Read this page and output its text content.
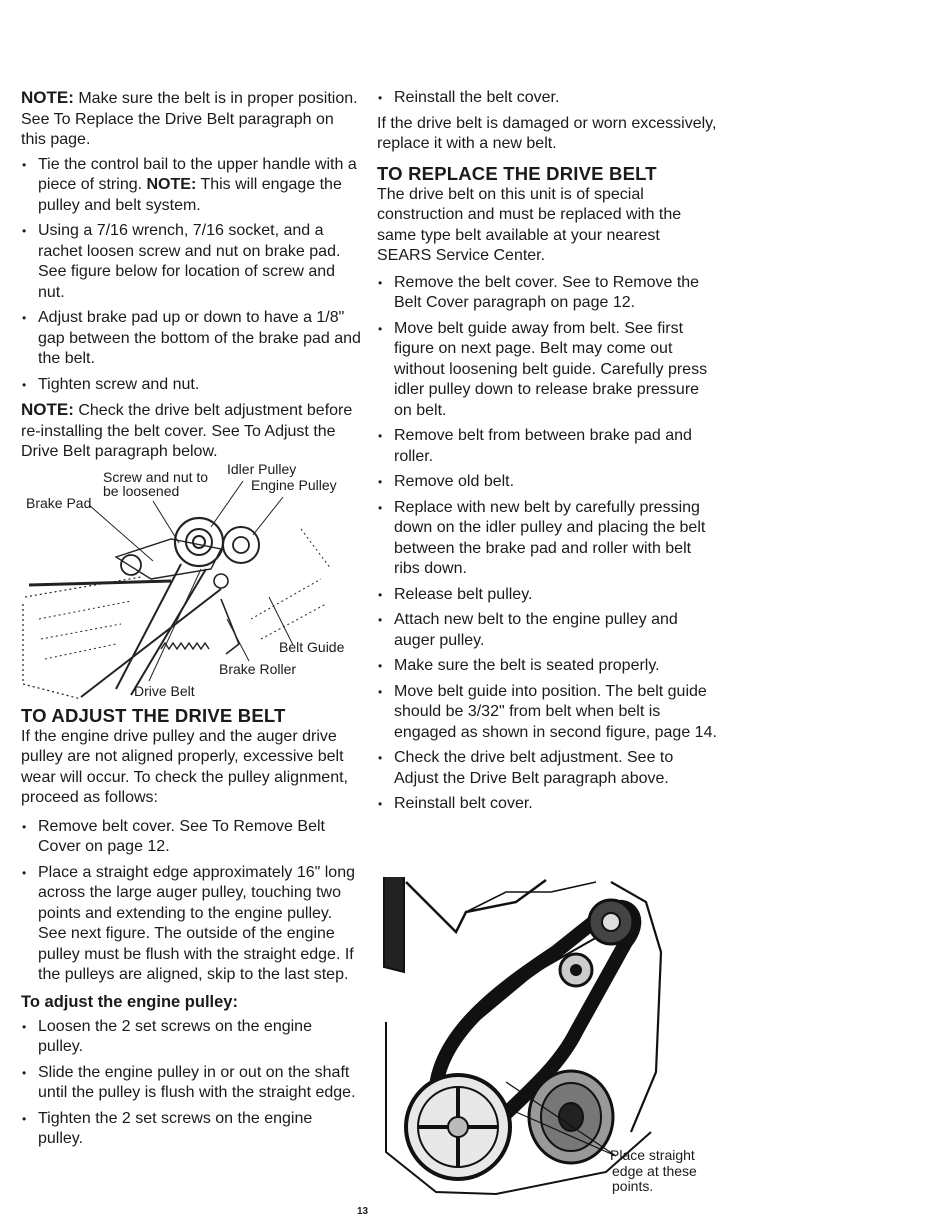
NOTE: Make sure the belt is in proper position. See To Replace the Drive Belt paragraph on this page.

• Tie the control bail to the upper handle with a piece of string. NOTE: This will engage the pulley and belt system.
• Using a 7/16 wrench, 7/16 socket, and a rachet loosen screw and nut on brake pad. See figure below for location of screw and nut.
• Adjust brake pad up or down to have a 1/8" gap between the bottom of the brake pad and the belt.
• Tighten screw and nut.

NOTE: Check the drive belt adjustment before re-installing the belt cover. See To Adjust the Drive Belt paragraph below.

Screw and nut to
be loosened
Idler Pulley
Engine Pulley
Brake Pad
Belt Guide
Brake Roller
Drive Belt
TO ADJUST THE DRIVE BELT

If the engine drive pulley and the auger drive pulley are not aligned properly, excessive belt wear will occur. To check the pulley alignment, proceed as follows:

• Remove belt cover. See To Remove Belt Cover on page 12.
• Place a straight edge approximately 16" long across the large auger pulley, touching two points and extending to the engine pulley. See next figure. The outside of the engine pulley must be flush with the straight edge. If the pulleys are aligned, skip to the last step.
To adjust the engine pulley:
• Loosen the 2 set screws on the engine pulley.
• Slide the engine pulley in or out on the shaft until the pulley is flush with the straight edge.
• Tighten the 2 set screws on the engine pulley.
• Reinstall the belt cover.

If the drive belt is damaged or worn excessively, replace it with a new belt.

TO REPLACE THE DRIVE BELT

The drive belt on this unit is of special construction and must be replaced with the same type belt available at your nearest SEARS Service Center.

• Remove the belt cover. See to Remove the Belt Cover paragraph on page 12.
• Move belt guide away from belt. See first figure on next page. Belt may come out without loosening belt guide. Carefully press idler pulley down to release brake pressure on belt.
• Remove belt from between brake pad and roller.
• Remove old belt.
• Replace with new belt by carefully pressing down on the idler pulley and placing the belt between the brake pad and roller with belt ribs down.
• Release belt pulley.
• Attach new belt to the engine pulley and auger pulley.
• Make sure the belt is seated properly.
• Move belt guide into position. The belt guide should be 3/32" from belt when belt is engaged as shown in second figure, page 14.
• Check the drive belt adjustment. See to Adjust the Drive Belt paragraph above.
• Reinstall belt cover.
Place straight
edge at these
points.
13
